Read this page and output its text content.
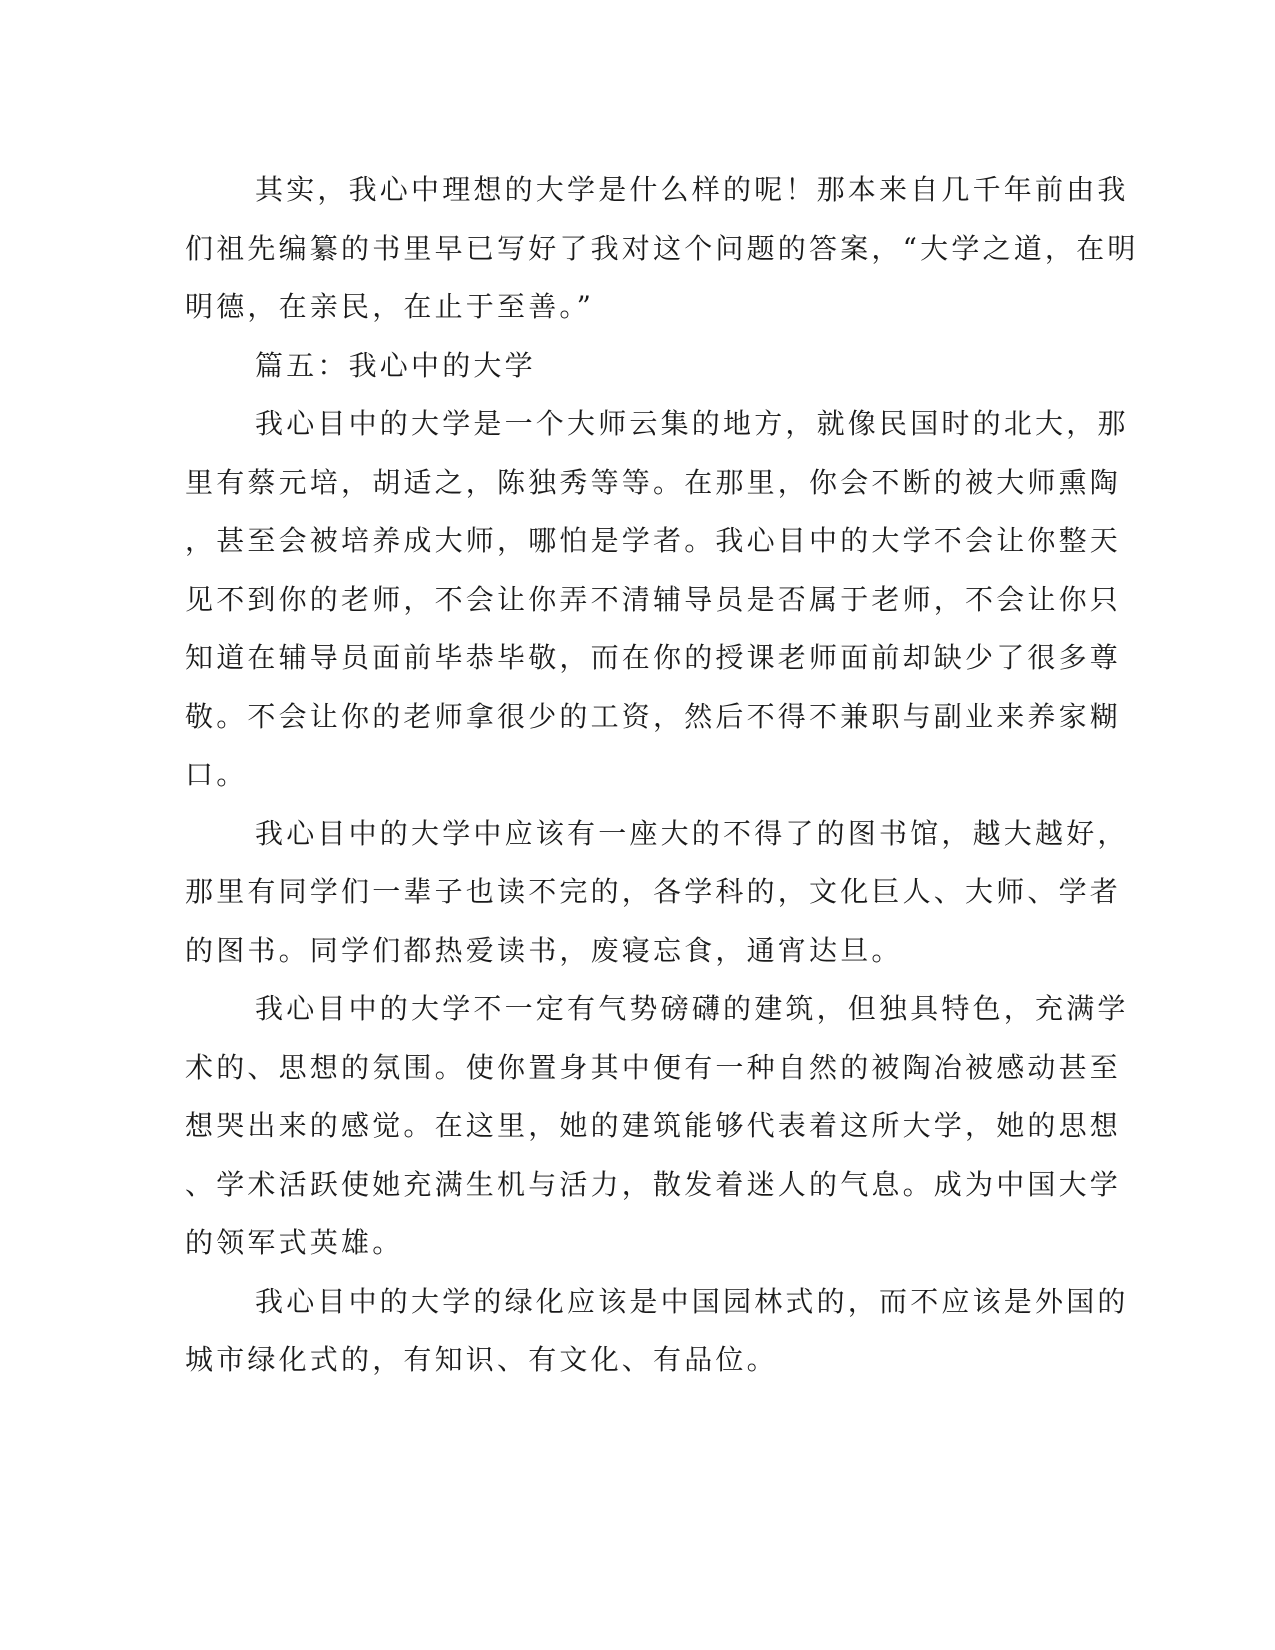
其实，我心中理想的大学是什么样的呢！那本来自几千年前由我
们祖先编纂的书里早已写好了我对这个问题的答案，“大学之道，在明
明德，在亲民，在止于至善。”
篇五：我心中的大学
我心目中的大学是一个大师云集的地方，就像民国时的北大，那
里有蔡元培，胡适之，陈独秀等等。在那里，你会不断的被大师熏陶
，甚至会被培养成大师，哪怕是学者。我心目中的大学不会让你整天
见不到你的老师，不会让你弄不清辅导员是否属于老师，不会让你只
知道在辅导员面前毕恭毕敬，而在你的授课老师面前却缺少了很多尊
敬。不会让你的老师拿很少的工资，然后不得不兼职与副业来养家糊
口。
我心目中的大学中应该有一座大的不得了的图书馆，越大越好，
那里有同学们一辈子也读不完的，各学科的，文化巨人、大师、学者
的图书。同学们都热爱读书，废寝忘食，通宵达旦。
我心目中的大学不一定有气势磅礴的建筑，但独具特色，充满学
术的、思想的氛围。使你置身其中便有一种自然的被陶冶被感动甚至
想哭出来的感觉。在这里，她的建筑能够代表着这所大学，她的思想
、学术活跃使她充满生机与活力，散发着迷人的气息。成为中国大学
的领军式英雄。
我心目中的大学的绿化应该是中国园林式的，而不应该是外国的
城市绿化式的，有知识、有文化、有品位。
